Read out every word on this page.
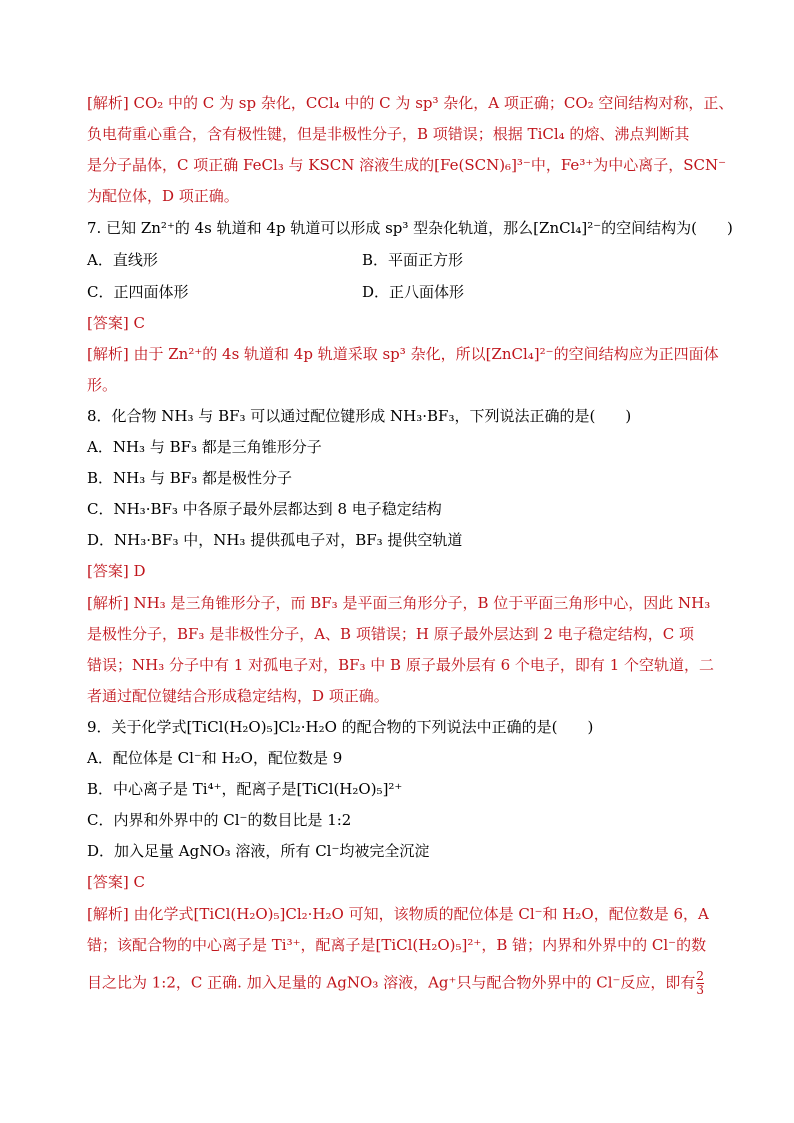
[解析] CO₂ 中的 C 为 sp 杂化，CCl₄ 中的 C 为 sp³ 杂化，A 项正确；CO₂ 空间结构对称，正、
负电荷重心重合，含有极性键，但是非极性分子，B 项错误；根据 TiCl₄ 的熔、沸点判断其
是分子晶体，C 项正确 FeCl₃ 与 KSCN 溶液生成的[Fe(SCN)₆]³⁻中，Fe³⁺为中心离子，SCN⁻
为配位体，D 项正确。
7. 已知 Zn²⁺的 4s 轨道和 4p 轨道可以形成 sp³ 型杂化轨道，那么[ZnCl₄]²⁻的空间结构为(　　)
A．直线形	B．平面正方形
C．正四面体形	D．正八面体形
[答案] C
[解析] 由于 Zn²⁺的 4s 轨道和 4p 轨道采取 sp³ 杂化，所以[ZnCl₄]²⁻的空间结构应为正四面体
形。
8．化合物 NH₃ 与 BF₃ 可以通过配位键形成 NH₃·BF₃，下列说法正确的是(　　)
A．NH₃ 与 BF₃ 都是三角锥形分子
B．NH₃ 与 BF₃ 都是极性分子
C．NH₃·BF₃ 中各原子最外层都达到 8 电子稳定结构
D．NH₃·BF₃ 中，NH₃ 提供孤电子对，BF₃ 提供空轨道
[答案] D
[解析] NH₃ 是三角锥形分子，而 BF₃ 是平面三角形分子，B 位于平面三角形中心，因此 NH₃
是极性分子，BF₃ 是非极性分子，A、B 项错误；H 原子最外层达到 2 电子稳定结构，C 项
错误；NH₃ 分子中有 1 对孤电子对，BF₃ 中 B 原子最外层有 6 个电子，即有 1 个空轨道，二
者通过配位键结合形成稳定结构，D 项正确。
9．关于化学式[TiCl(H₂O)₅]Cl₂·H₂O 的配合物的下列说法中正确的是(　　)
A．配位体是 Cl⁻和 H₂O，配位数是 9
B．中心离子是 Ti⁴⁺，配离子是[TiCl(H₂O)₅]²⁺
C．内界和外界中的 Cl⁻的数目比是 1:2
D．加入足量 AgNO₃ 溶液，所有 Cl⁻均被完全沉淀
[答案] C
[解析] 由化学式[TiCl(H₂O)₅]Cl₂·H₂O 可知，该物质的配位体是 Cl⁻和 H₂O，配位数是 6，A
错；该配合物的中心离子是 Ti³⁺，配离子是[TiCl(H₂O)₅]²⁺，B 错；内界和外界中的 Cl⁻的数
目之比为 1:2，C 正确. 加入足量的 AgNO₃ 溶液，Ag⁺只与配合物外界中的 Cl⁻反应，即有 $\frac{2}{3}$
